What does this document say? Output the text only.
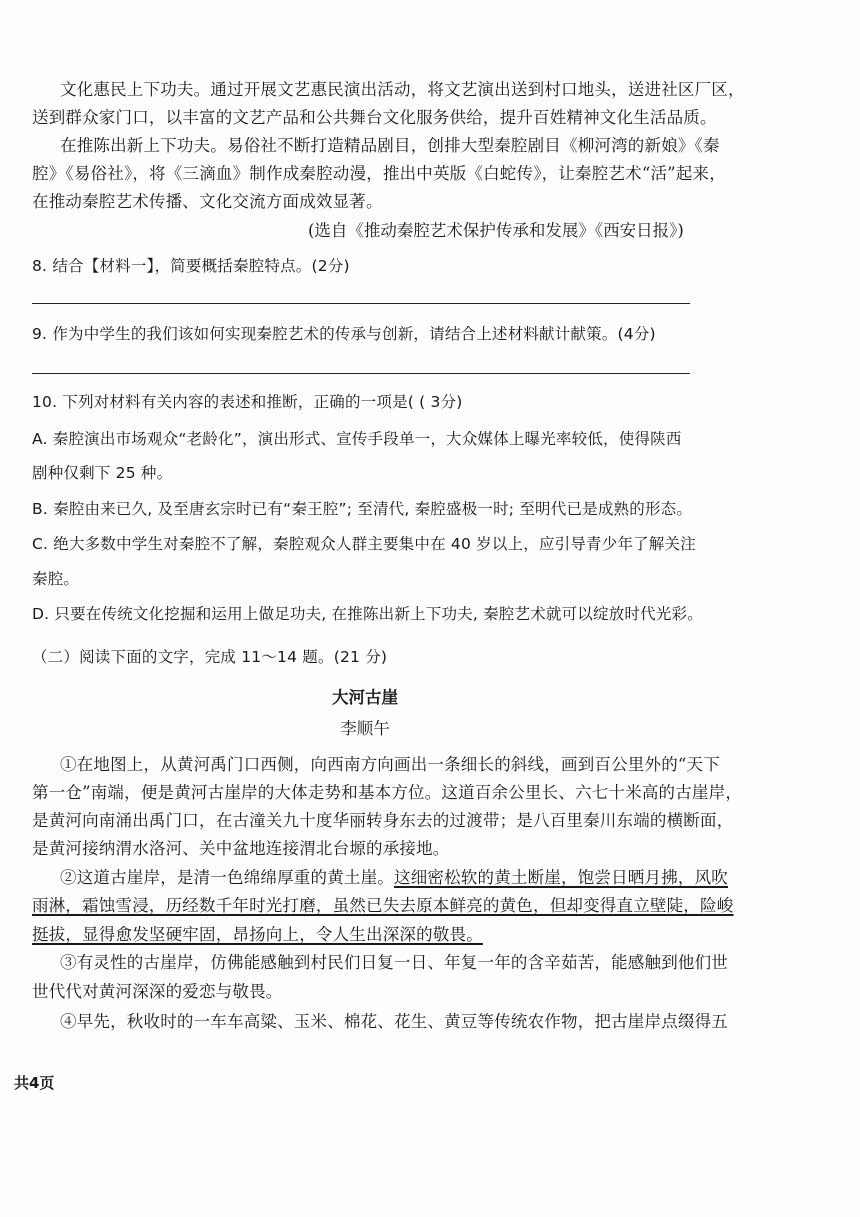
文化惠民上下功夫。通过开展文艺惠民演出活动，将文艺演出送到村口地头，送进社区厂区，
送到群众家门口，以丰富的文艺产品和公共舞台文化服务供给，提升百姓精神文化生活品质。
在推陈出新上下功夫。易俗社不断打造精品剧目，创排大型秦腔剧目《柳河湾的新娘》《秦
腔》《易俗社》，将《三滴血》制作成秦腔动漫，推出中英版《白蛇传》，让秦腔艺术“活”起来，
在推动秦腔艺术传播、文化交流方面成效显著。
(选自《推动秦腔艺术保护传承和发展》《西安日报》)
8. 结合【材料一】，简要概括秦腔特点。(2分)
9. 作为中学生的我们该如何实现秦腔艺术的传承与创新，请结合上述材料献计献策。(4分)
10. 下列对材料有关内容的表述和推断，正确的一项是( ( 3分)
A. 秦腔演出市场观众“老龄化”，演出形式、宣传手段单一，大众媒体上曝光率较低，使得陕西
剧种仅剩下 25 种。
B. 秦腔由来已久, 及至唐玄宗时已有“秦王腔”; 至清代, 秦腔盛极一时; 至明代已是成熟的形态。
C. 绝大多数中学生对秦腔不了解，秦腔观众人群主要集中在 40 岁以上，应引导青少年了解关注
秦腔。
D. 只要在传统文化挖掘和运用上做足功夫, 在推陈出新上下功夫, 秦腔艺术就可以绽放时代光彩。
（二）阅读下面的文字，完成 11～14 题。(21 分)
大河古崖
李顺午
①在地图上，从黄河禹门口西侧，向西南方向画出一条细长的斜线，画到百公里外的“天下
第一仓”南端，便是黄河古崖岸的大体走势和基本方位。这道百余公里长、六七十米高的古崖岸，
是黄河向南涌出禹门口，在古潼关九十度华丽转身东去的过渡带；是八百里秦川东端的横断面，
是黄河接纳渭水洛河、关中盆地连接渭北台塬的承接地。
②这道古崖岸，是清一色绵绵厚重的黄土崖。这细密松软的黄土断崖，饱尝日晒月拂，风吹
雨淋，霜蚀雪浸，历经数千年时光打磨，虽然已失去原本鲜亮的黄色，但却变得直立壁陡，险峻
挺拔，显得愈发坚硬牢固，昂扬向上，令人生出深深的敬畏。
③有灵性的古崖岸，仿佛能感触到村民们日复一日、年复一年的含辛茹苦，能感触到他们世
世代代对黄河深深的爱恋与敬畏。
④早先，秋收时的一车车高粱、玉米、棉花、花生、黄豆等传统农作物，把古崖岸点缀得五
共4页
